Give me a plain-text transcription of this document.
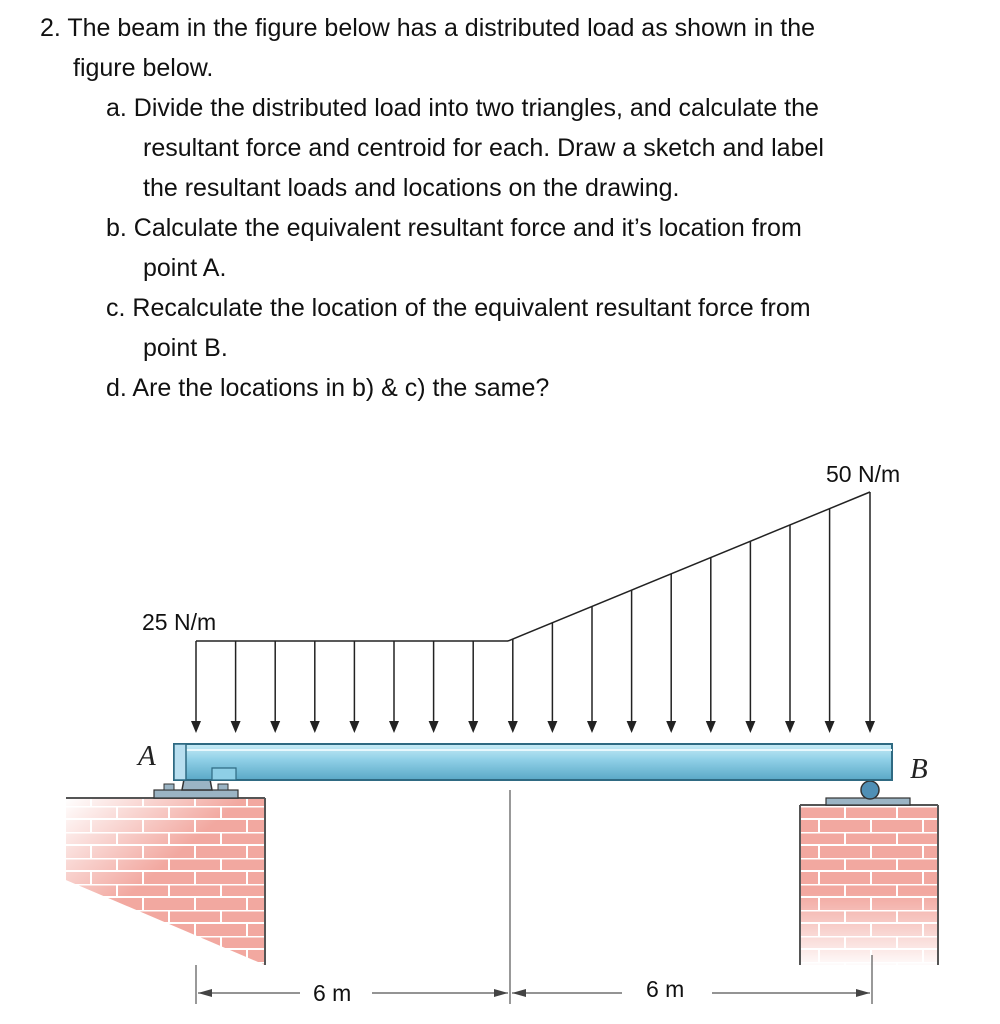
2. The beam in the figure below has a distributed load as shown in the
figure below.
a. Divide the distributed load into two triangles, and calculate the
resultant force and centroid for each. Draw a sketch and label
the resultant loads and locations on the drawing.
b. Calculate the equivalent resultant force and it’s location from
point A.
c. Recalculate the location of the equivalent resultant force from
point B.
d. Are the locations in b) & c) the same?
25 N/m
50 N/m
A	B
6 m	6 m
